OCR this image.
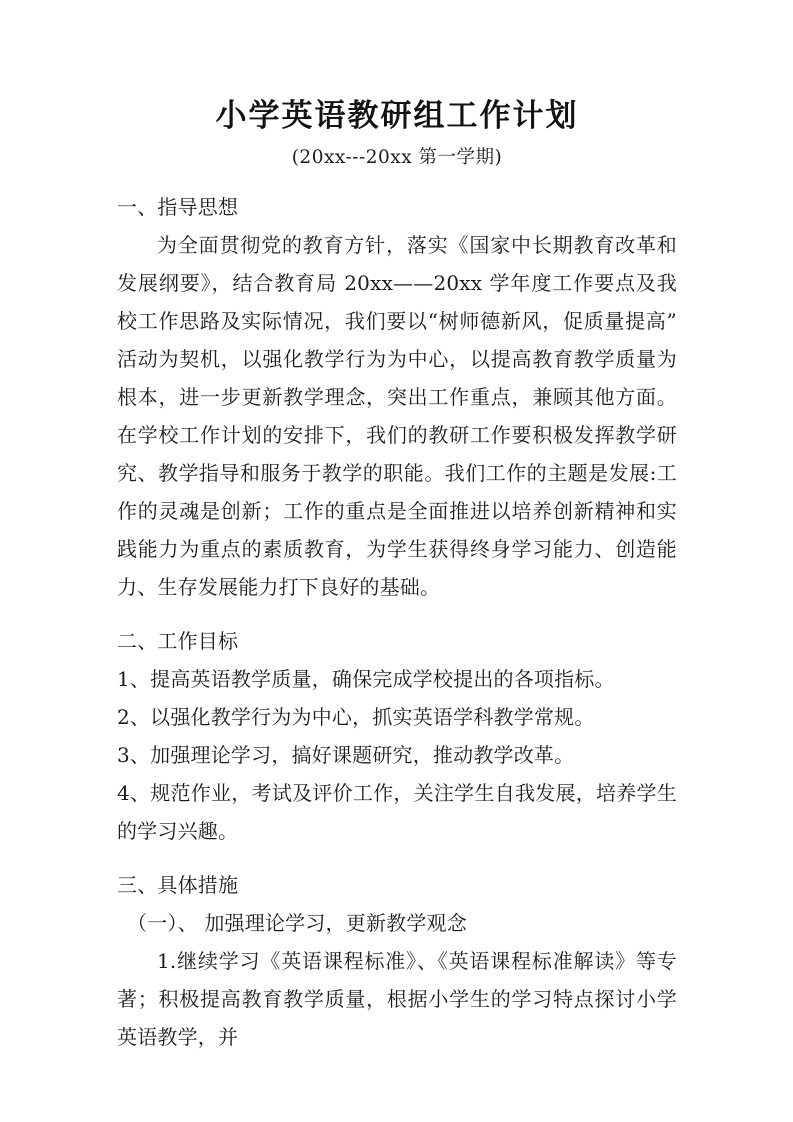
小学英语教研组工作计划

(20xx---20xx 第一学期)

一、指导思想

为全面贯彻党的教育方针，落实《国家中长期教育改革和发展纲要》，结合教育局 20xx——20xx 学年度工作要点及我校工作思路及实际情况，我们要以“树师德新风，促质量提高”活动为契机，以强化教学行为为中心，以提高教育教学质量为根本，进一步更新教学理念，突出工作重点，兼顾其他方面。在学校工作计划的安排下，我们的教研工作要积极发挥教学研究、教学指导和服务于教学的职能。我们工作的主题是发展:工作的灵魂是创新；工作的重点是全面推进以培养创新精神和实践能力为重点的素质教育，为学生获得终身学习能力、创造能力、生存发展能力打下良好的基础。

二、工作目标

1、提高英语教学质量，确保完成学校提出的各项指标。

2、以强化教学行为为中心，抓实英语学科教学常规。

3、加强理论学习，搞好课题研究，推动教学改革。

4、规范作业，考试及评价工作，关注学生自我发展，培养学生的学习兴趣。

三、具体措施

（一）、 加强理论学习，更新教学观念

1.继续学习《英语课程标准》、《英语课程标准解读》等专著；积极提高教育教学质量，根据小学生的学习特点探讨小学英语教学，并
